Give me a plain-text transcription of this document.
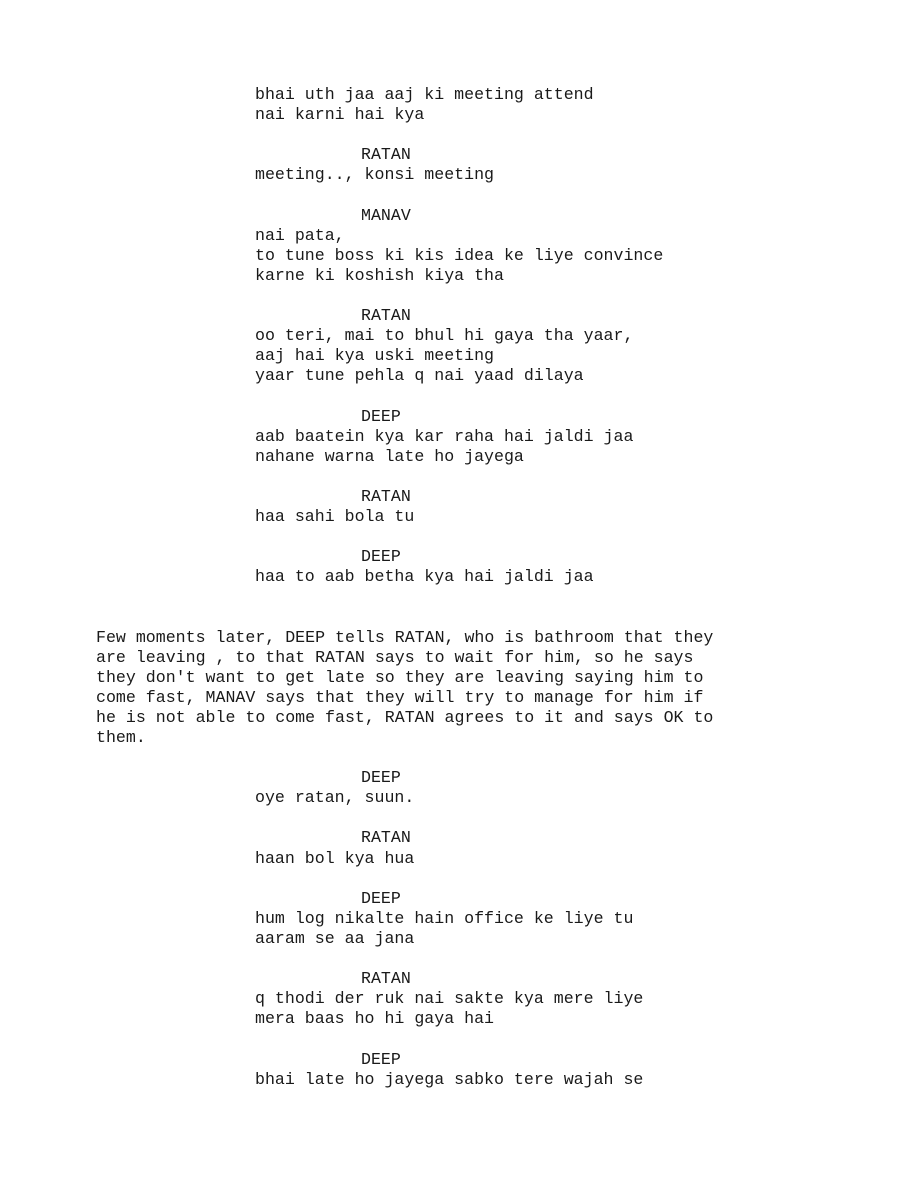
bhai uth jaa aaj ki meeting attend
nai karni hai kya
RATAN
meeting.., konsi meeting
MANAV
nai pata,
to tune boss ki kis idea ke liye convince
karne ki koshish kiya tha
RATAN
oo teri, mai to bhul hi gaya tha yaar,
aaj hai kya uski meeting
yaar tune pehla q nai yaad dilaya
DEEP
aab baatein kya kar raha hai jaldi jaa
nahane warna late ho jayega
RATAN
haa sahi bola tu
DEEP
haa to aab betha kya hai jaldi jaa
Few moments later, DEEP tells RATAN, who is bathroom that they
are leaving , to that RATAN says to wait for him, so he says
they don't want to get late so they are leaving saying him to
come fast, MANAV says that they will try to manage for him if
he is not able to come fast, RATAN agrees to it and says OK to
them.
DEEP
oye ratan, suun.
RATAN
haan bol kya hua
DEEP
hum log nikalte hain office ke liye tu
aaram se aa jana
RATAN
q thodi der ruk nai sakte kya mere liye
mera baas ho hi gaya hai
DEEP
bhai late ho jayega sabko tere wajah se
